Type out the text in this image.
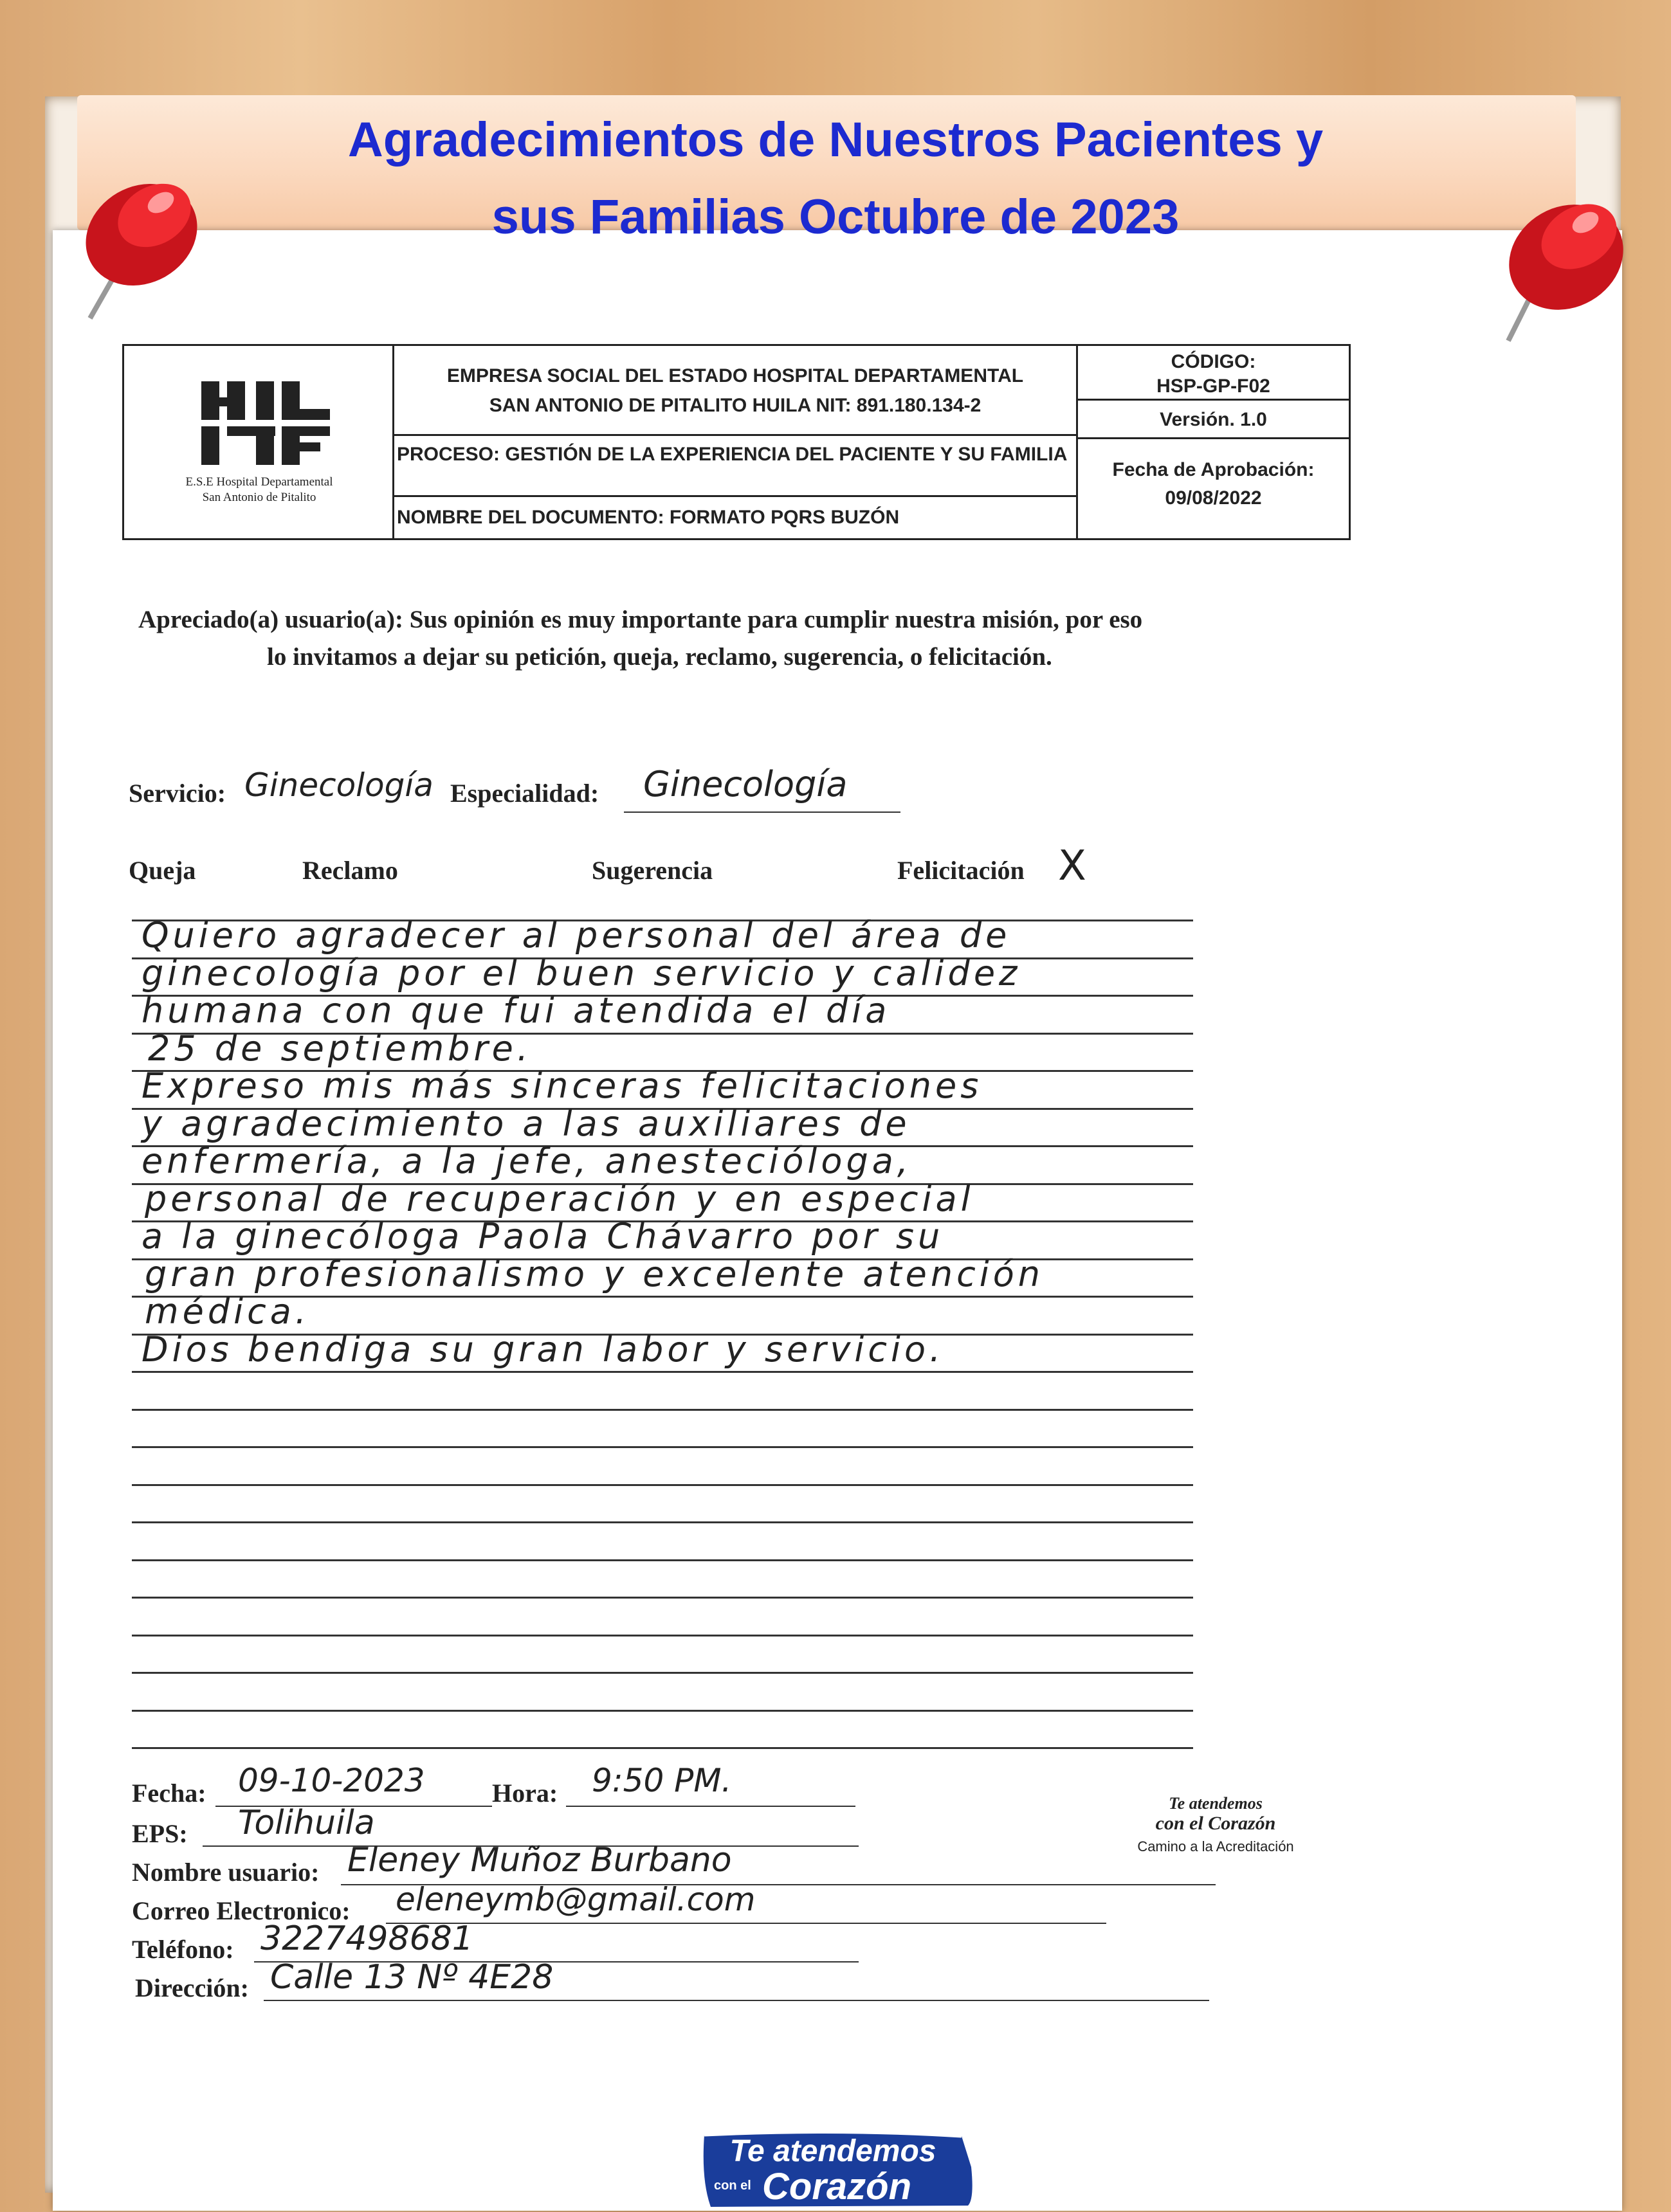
Agradecimientos de Nuestros Pacientes y
sus Familias Octubre de 2023
E.S.E Hospital Departamental
San Antonio de Pitalito
EMPRESA SOCIAL DEL ESTADO HOSPITAL DEPARTAMENTAL
SAN ANTONIO DE PITALITO HUILA NIT: 891.180.134-2
PROCESO: GESTIÓN DE LA EXPERIENCIA DEL PACIENTE Y SU FAMILIA
NOMBRE DEL DOCUMENTO: FORMATO PQRS BUZÓN
CÓDIGO:
HSP-GP-F02
Versión. 1.0
Fecha de Aprobación:
09/08/2022
Apreciado(a) usuario(a): Sus opinión es muy importante para cumplir nuestra misión, por eso
lo invitamos a dejar su petición, queja, reclamo, sugerencia, o felicitación.
Servicio: Ginecología Especialidad: Ginecología
Queja	Reclamo	Sugerencia	Felicitación X
Quiero agradecer al personal del área de
ginecología por el buen servicio y calidez
humana con que fui atendida el día
25 de septiembre.
Expreso mis más sinceras felicitaciones
y agradecimiento a las auxiliares de
enfermería, a la jefe, anestecióloga,
personal de recuperación y en especial
a la ginecóloga Paola Chávarro por su
gran profesionalismo y excelente atención
médica.
Dios bendiga su gran labor y servicio.
Fecha: 09-10-2023	Hora: 9:50 PM.
EPS: Tolihuila
Nombre usuario: Eleney Muñoz Burbano
Correo Electronico: eleneymb@gmail.com
Teléfono: 3227498681
Dirección: Calle 13 Nº 4E28
Te atendemos
con el Corazón
Camino a la Acreditación
Te atendemos
con el Corazón
